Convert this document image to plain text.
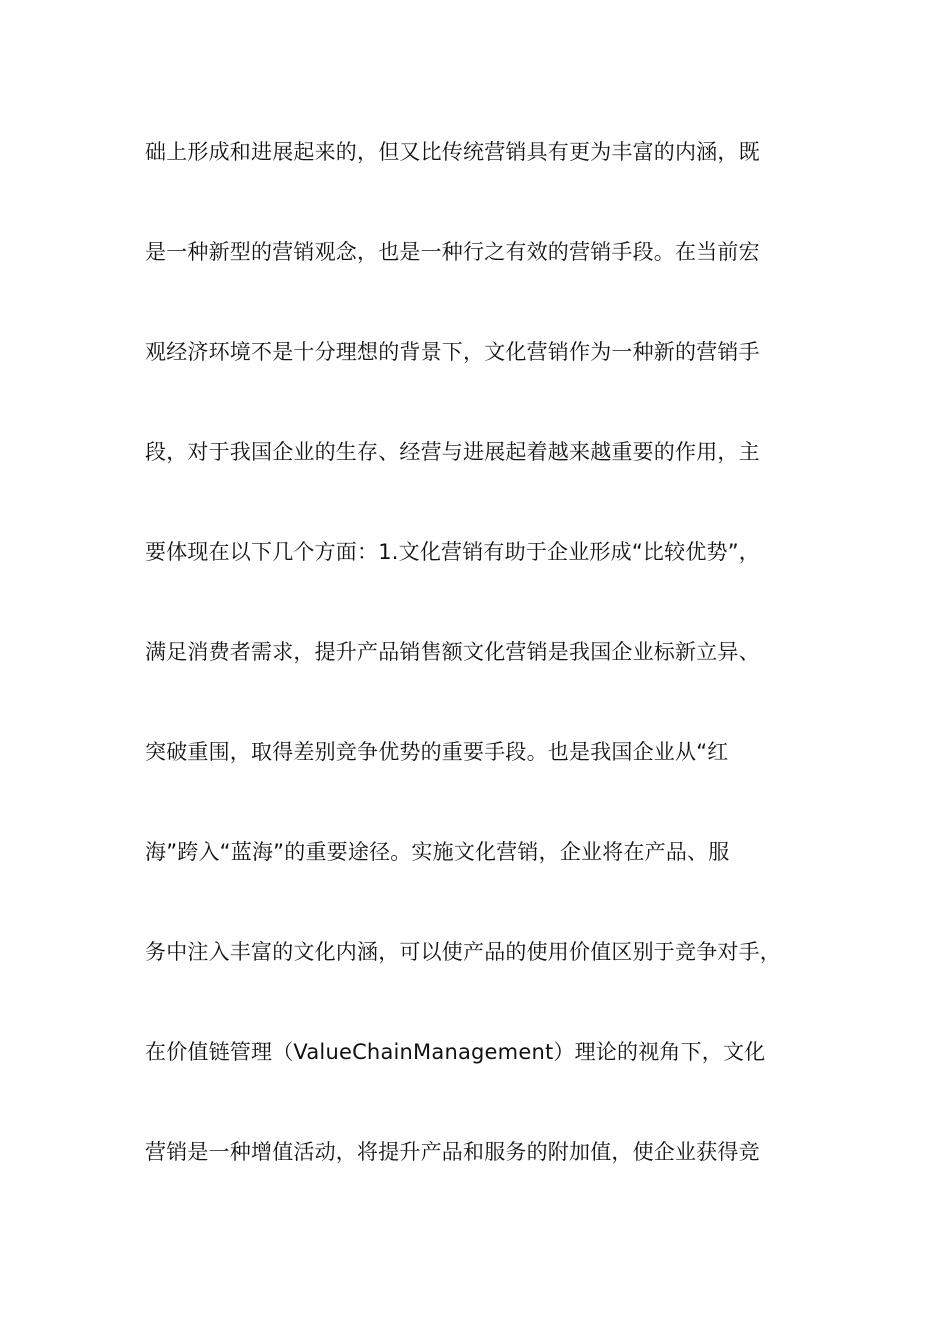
础上形成和进展起来的，但又比传统营销具有更为丰富的内涵，既
是一种新型的营销观念，也是一种行之有效的营销手段。在当前宏
观经济环境不是十分理想的背景下，文化营销作为一种新的营销手
段，对于我国企业的生存、经营与进展起着越来越重要的作用，主
要体现在以下几个方面：1.文化营销有助于企业形成“比较优势”，
满足消费者需求，提升产品销售额文化营销是我国企业标新立异、
突破重围，取得差别竞争优势的重要手段。也是我国企业从“红
海”跨入“蓝海”的重要途径。实施文化营销，企业将在产品、服
务中注入丰富的文化内涵，可以使产品的使用价值区别于竞争对手，
在价值链管理（ValueChainManagement）理论的视角下，文化
营销是一种增值活动，将提升产品和服务的附加值，使企业获得竞
